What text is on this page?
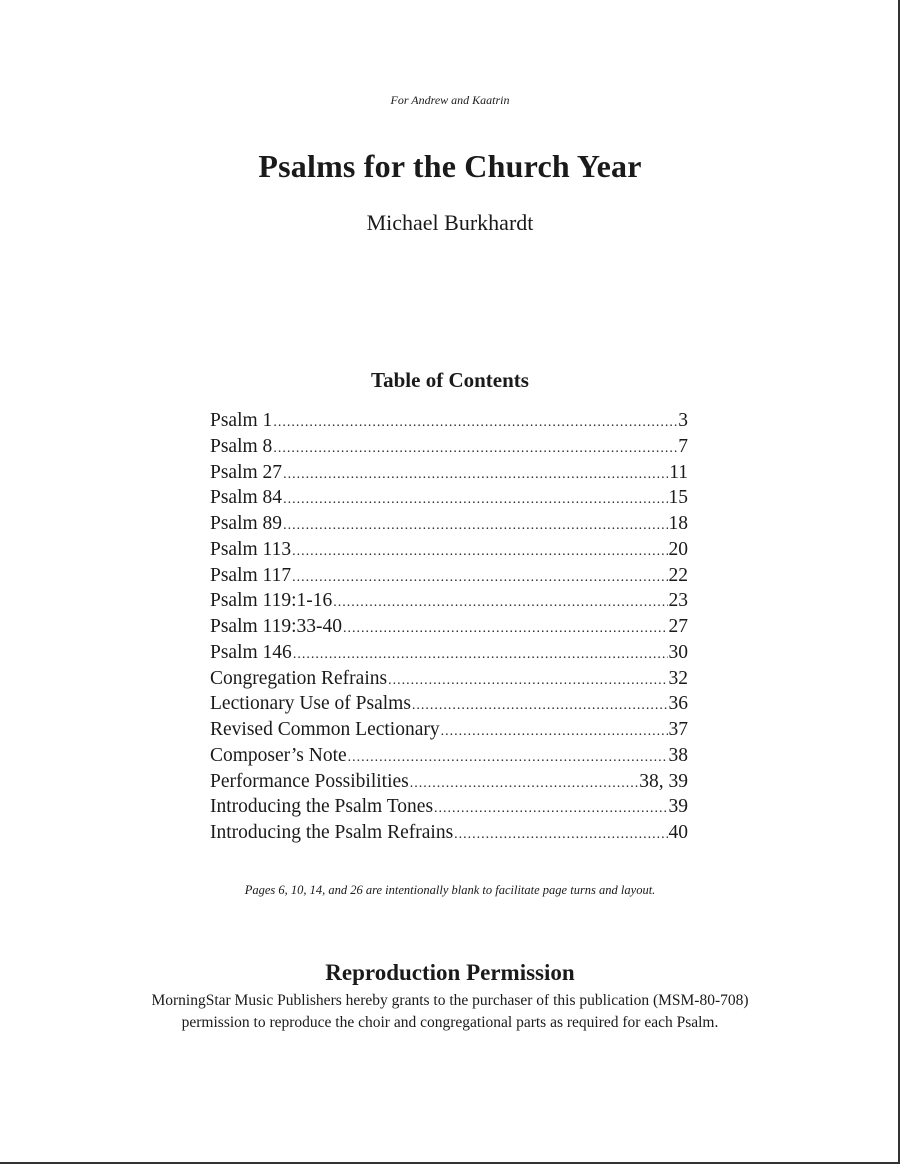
For Andrew and Kaatrin
Psalms for the Church Year
Michael Burkhardt
Table of Contents
Psalm 1 .....	3
Psalm 8 .....	7
Psalm 27 .....	11
Psalm 84 .....	15
Psalm 89 .....	18
Psalm 113 .....	20
Psalm 117 .....	22
Psalm 119:1-16 .....	23
Psalm 119:33-40 .....	27
Psalm 146 .....	30
Congregation Refrains .....	32
Lectionary Use of Psalms .....	36
Revised Common Lectionary .....	37
Composer’s Note .....	38
Performance Possibilities .....	38, 39
Introducing the Psalm Tones .....	39
Introducing the Psalm Refrains .....	40
Pages 6, 10, 14, and 26 are intentionally blank to facilitate page turns and layout.
Reproduction Permission
MorningStar Music Publishers hereby grants to the purchaser of this publication (MSM-80-708)
permission to reproduce the choir and congregational parts as required for each Psalm.
